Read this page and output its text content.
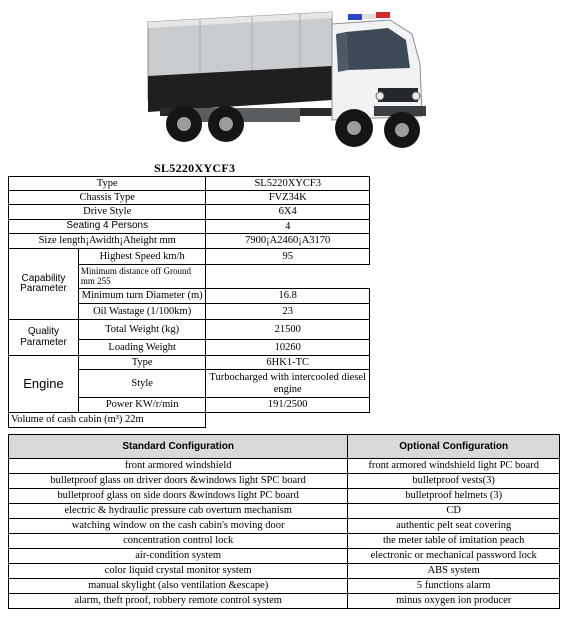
SL5220XYCF3
Type		SL5220XYCF3
Chassis Type		FVZ34K
Drive Style		6X4
Seating 4 Persons		4
Size length¡Awidth¡Aheight mm		7900¡A2460¡A3170
Capability Parameter	Highest Speed km/h	95
	Minimum distance off Ground mm 255	
	Minimum turn Diameter (m)	16.8
	Oil Wastage (1/100km)	23
Quality Parameter	Total Weight (kg)	21500
	Loading Weight	10260
Engine	Type	6HK1-TC
	Style	Turbocharged with intercooled diesel engine
	Power KW/r/min	191/2500
Volume of cash cabin (m³) 22m		
Standard Configuration	Optional Configuration
front armored windshield	front armored windshield light PC board
bulletproof glass on driver doors &windows light SPC board	bulletproof vests(3)
bulletproof glass on side doors &windows light PC board	bulletproof helmets (3)
electric & hydraulic pressure cab overturn mechanism	CD
watching window on the cash cabin's moving door	authentic pelt seat covering
concentration control lock	the meter table of imitation peach
air-condition system	electronic or mechanical password lock
color liquid crystal monitor system	ABS system
manual skylight (also ventilation &escape)	5 functions alarm
alarm, theft proof, robbery remote control system	minus oxygen ion producer
